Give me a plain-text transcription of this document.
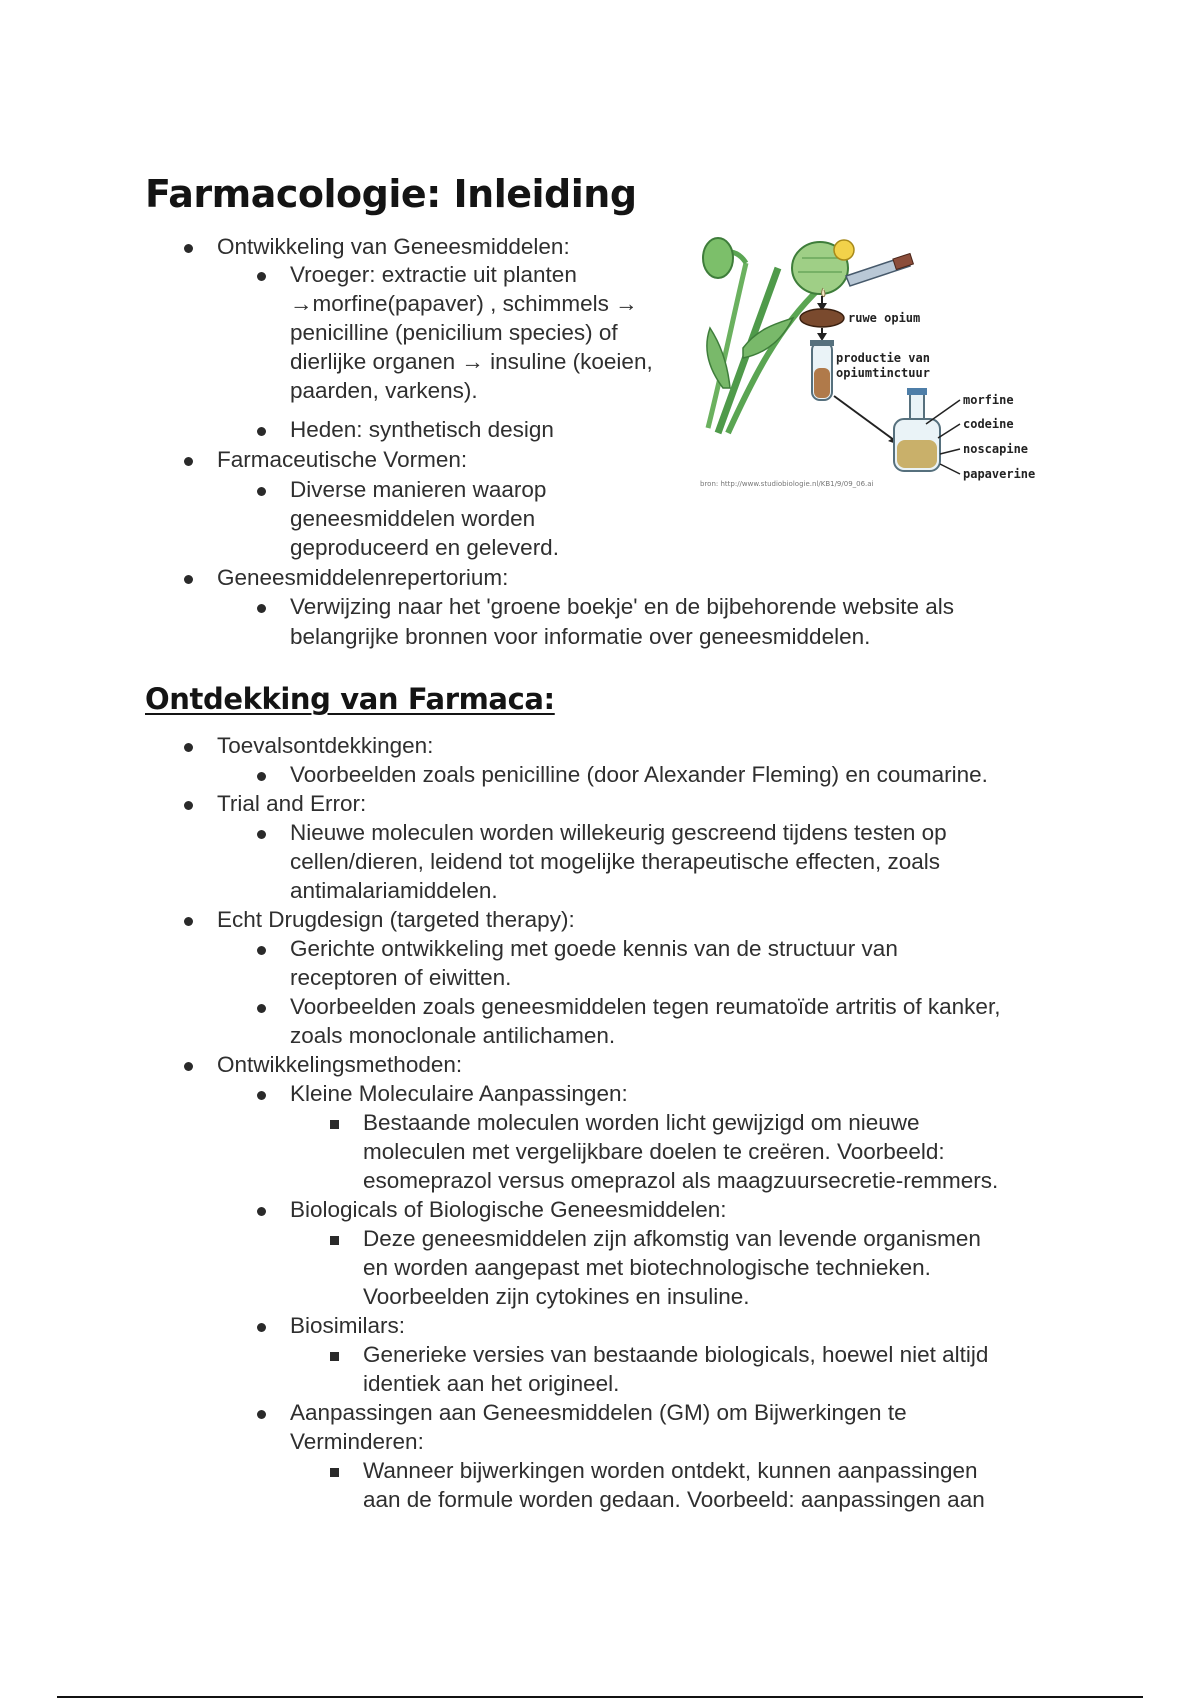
Farmacologie: Inleiding

Ontwikkeling van Geneesmiddelen:

Vroeger: extractie uit planten

→morfine(papaver) , schimmels →

penicilline (penicilium species) of

dierlijke organen → insuline (koeien,

paarden, varkens).

Heden: synthetisch design

Farmaceutische Vormen:

Diverse manieren waarop

geneesmiddelen worden

geproduceerd en geleverd.

Geneesmiddelenrepertorium:

Verwijzing naar het 'groene boekje' en de bijbehorende website als

belangrijke bronnen voor informatie over geneesmiddelen.

ruwe opium
productie van
opiumtinctuur
morfine
codeine
noscapine
papaverine
bron: http://www.studiobiologie.nl/KB1/9/09_06.ai
Ontdekking van Farmaca:

Toevalsontdekkingen:

Voorbeelden zoals penicilline (door Alexander Fleming) en coumarine.

Trial and Error:

Nieuwe moleculen worden willekeurig gescreend tijdens testen op

cellen/dieren, leidend tot mogelijke therapeutische effecten, zoals

antimalariamiddelen.

Echt Drugdesign (targeted therapy):

Gerichte ontwikkeling met goede kennis van de structuur van

receptoren of eiwitten.

Voorbeelden zoals geneesmiddelen tegen reumatoïde artritis of kanker,

zoals monoclonale antilichamen.

Ontwikkelingsmethoden:

Kleine Moleculaire Aanpassingen:

Bestaande moleculen worden licht gewijzigd om nieuwe

moleculen met vergelijkbare doelen te creëren. Voorbeeld:

esomeprazol versus omeprazol als maagzuursecretie-remmers.

Biologicals of Biologische Geneesmiddelen:

Deze geneesmiddelen zijn afkomstig van levende organismen

en worden aangepast met biotechnologische technieken.

Voorbeelden zijn cytokines en insuline.

Biosimilars:

Generieke versies van bestaande biologicals, hoewel niet altijd

identiek aan het origineel.

Aanpassingen aan Geneesmiddelen (GM) om Bijwerkingen te

Verminderen:

Wanneer bijwerkingen worden ontdekt, kunnen aanpassingen

aan de formule worden gedaan. Voorbeeld: aanpassingen aan
